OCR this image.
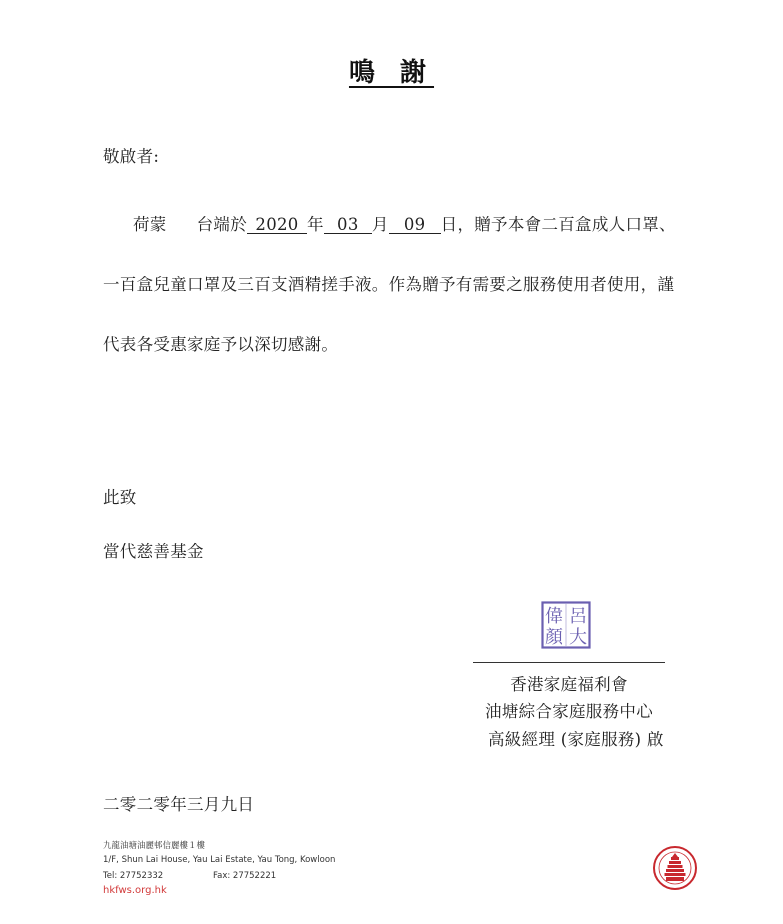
鳴 謝
敬啟者:
荷蒙 台端於 2020 年 03 月 09 日，贈予本會二百盒成人口罩、
一百盒兒童口罩及三百支酒精搓手液。作為贈予有需要之服務使用者使用，謹
代表各受惠家庭予以深切感謝。
此致
當代慈善基金
偉 呂
顏 大
香港家庭福利會
油塘綜合家庭服務中心
高級經理 (家庭服務) 啟
二零二零年三月九日
九龍油塘油麗邨信麗樓１樓
1/F, Shun Lai House, Yau Lai Estate, Yau Tong, Kowloon
Tel: 27752332	Fax: 27752221
hkfws.org.hk
